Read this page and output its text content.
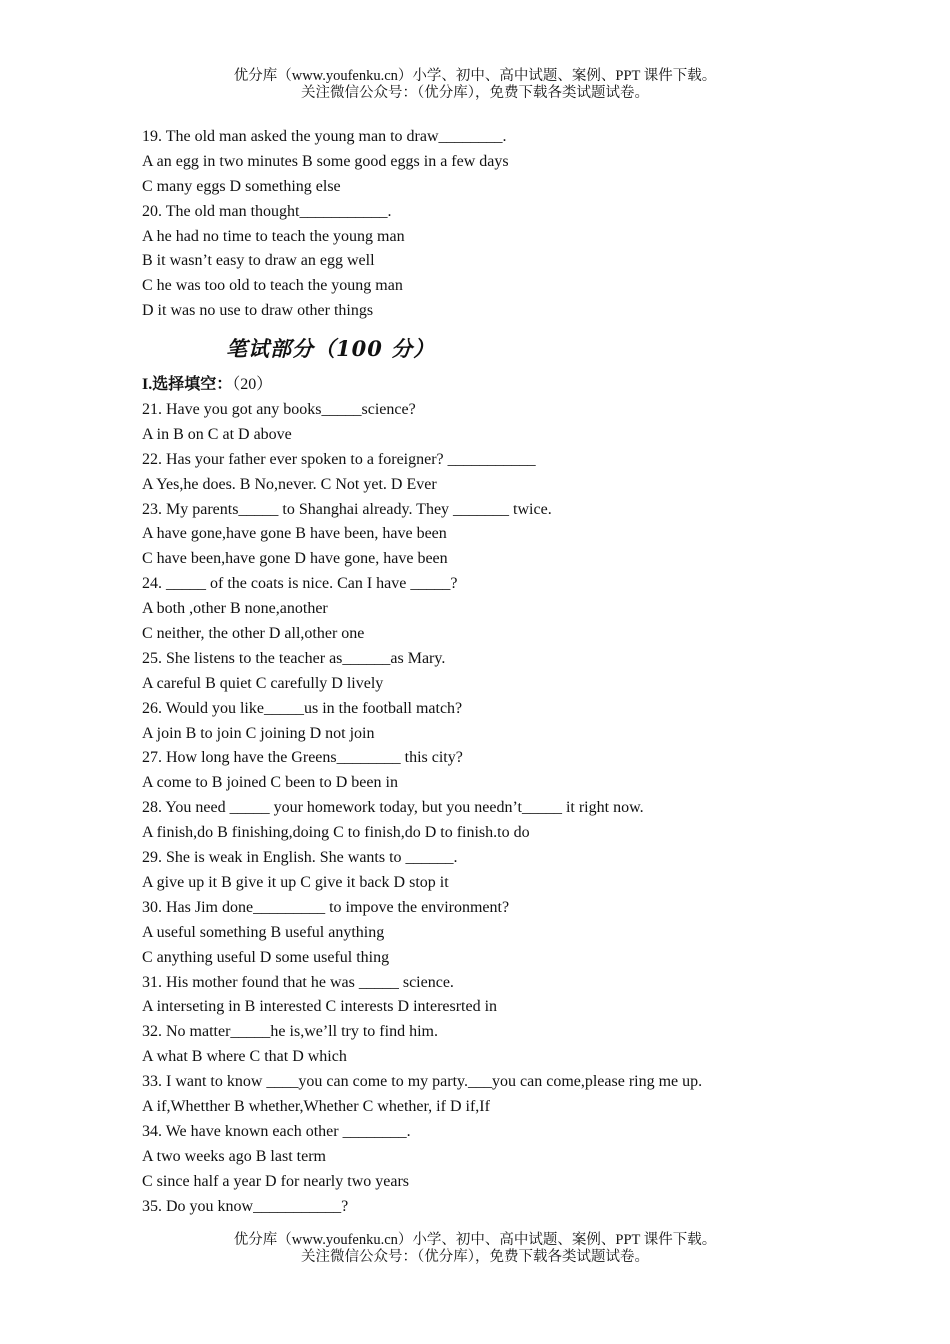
优分库（www.youfenku.cn）小学、初中、高中试题、案例、PPT 课件下载。
关注微信公众号：（优分库），免费下载各类试题试卷。
19. The old man asked the young man to draw________.
A an egg in two minutes B some good eggs in a few days
C many eggs D something else
20. The old man thought___________.
A he had no time to teach the young man
B it wasn’t easy to draw an egg well
C he was too old to teach the young man
D it was no use to draw other things
笔试部分（100 分）
I.选择填空：（20）
21. Have you got any books_____science?
A in B on C at D above
22. Has your father ever spoken to a foreigner? ___________
A Yes,he does. B No,never. C Not yet. D Ever
23. My parents_____ to Shanghai already. They _______ twice.
A have gone,have gone B have been, have been
C have been,have gone D have gone, have been
24. _____ of the coats is nice. Can I have _____?
A both ,other B none,another
C neither, the other D all,other one
25. She listens to the teacher as______as Mary.
A careful B quiet C carefully D lively
26. Would you like_____us in the football match?
A join B to join C joining D not join
27. How long have the Greens________ this city?
A come to B joined C been to D been in
28. You need _____ your homework today, but you needn’t_____ it right now.
A finish,do B finishing,doing C to finish,do D to finish.to do
29. She is weak in English. She wants to ______.
A give up it B give it up C give it back D stop it
30. Has Jim done_________ to impove the environment?
A useful something B useful anything
C anything useful D some useful thing
31. His mother found that he was _____ science.
A interseting in B interested C interests D interesrted in
32. No matter_____he is,we’ll try to find him.
A what B where C that D which
33. I want to know ____you can come to my party.___you can come,please ring me up.
A if,Whetther B whether,Whether C whether, if D if,If
34. We have known each other ________.
A two weeks ago B last term
C since half a year D for nearly two years
35. Do you know___________?
优分库（www.youfenku.cn）小学、初中、高中试题、案例、PPT 课件下载。
关注微信公众号：（优分库），免费下载各类试题试卷。
